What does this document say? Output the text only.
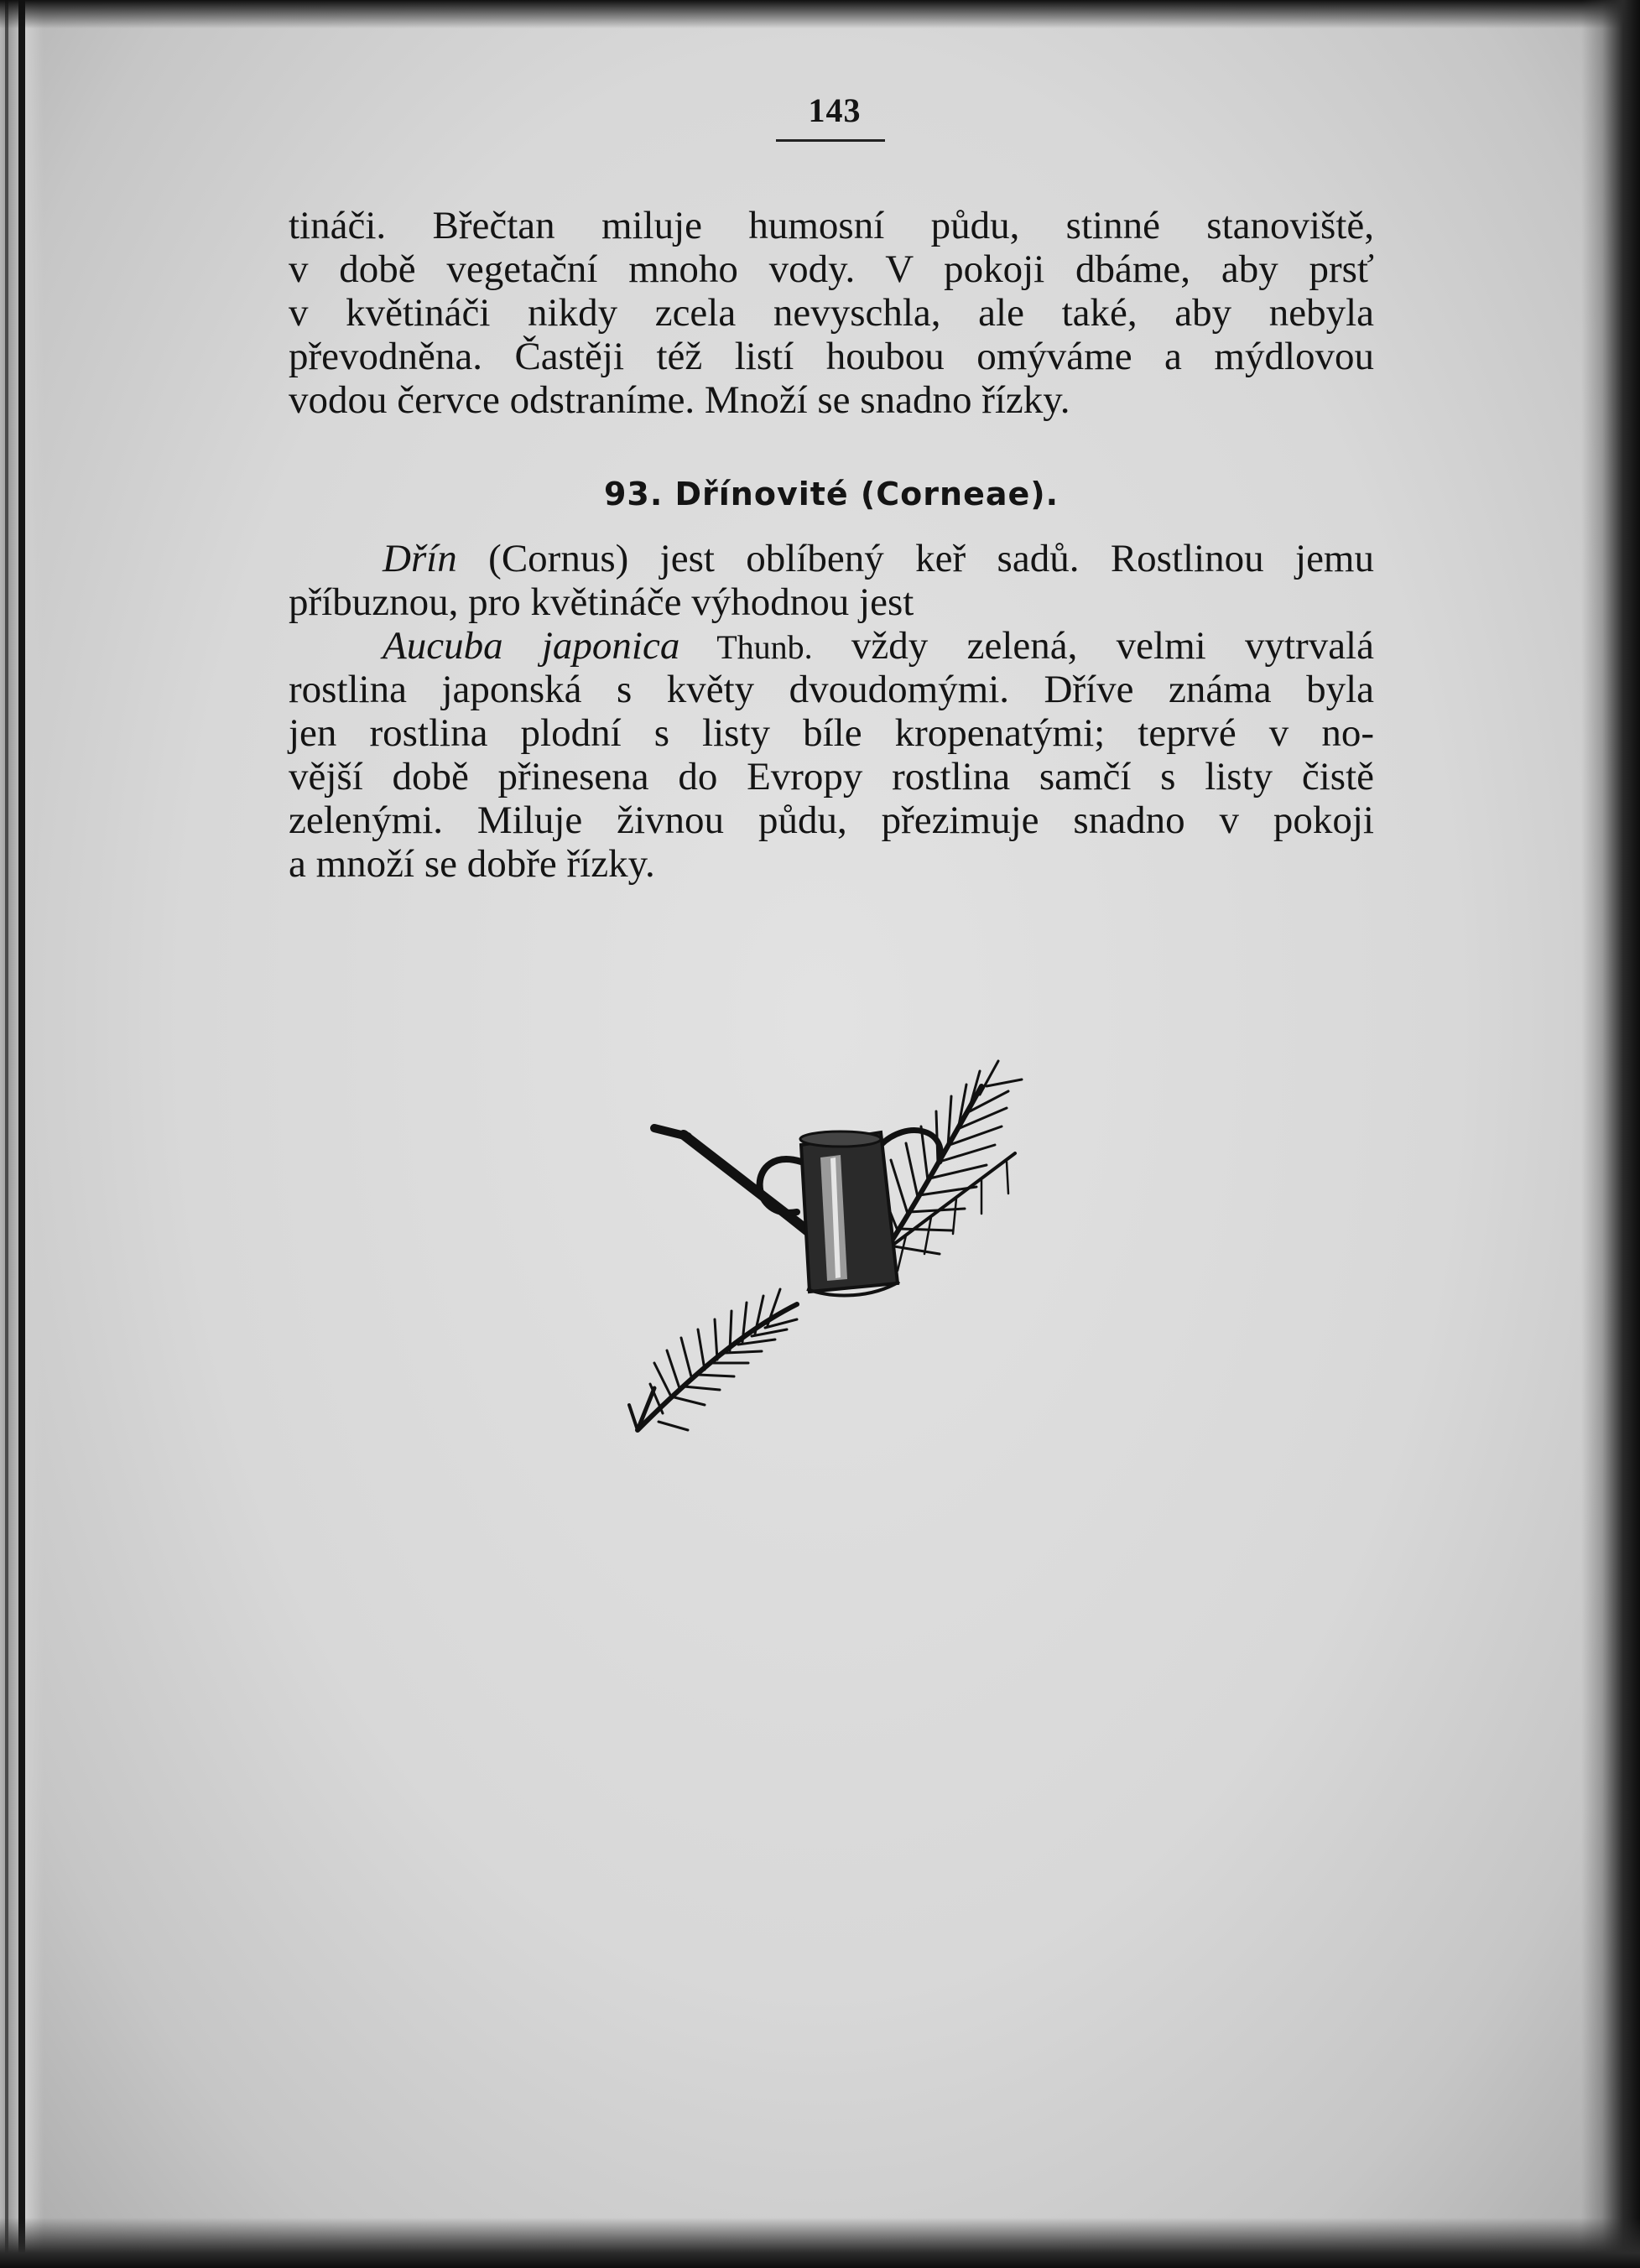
143
tináči. Břečtan miluje humosní půdu, stinné stanoviště,
v době vegetační mnoho vody. V pokoji dbáme, aby prsť
v květináči nikdy zcela nevyschla, ale také, aby nebyla
převodněna. Častěji též listí houbou omýváme a mýdlovou
vodou červce odstraníme. Množí se snadno řízky.
93. Dřínovité (Corneae).
Dřín (Cornus) jest oblíbený keř sadů. Rostlinou jemu
příbuznou, pro květináče výhodnou jest
Aucuba japonica Thunb. vždy zelená, velmi vytrvalá
rostlina japonská s květy dvoudomými. Dříve známa byla
jen rostlina plodní s listy bíle kropenatými; teprvé v no-
vější době přinesena do Evropy rostlina samčí s listy čistě
zelenými. Miluje živnou půdu, přezimuje snadno v pokoji
a množí se dobře řízky.
